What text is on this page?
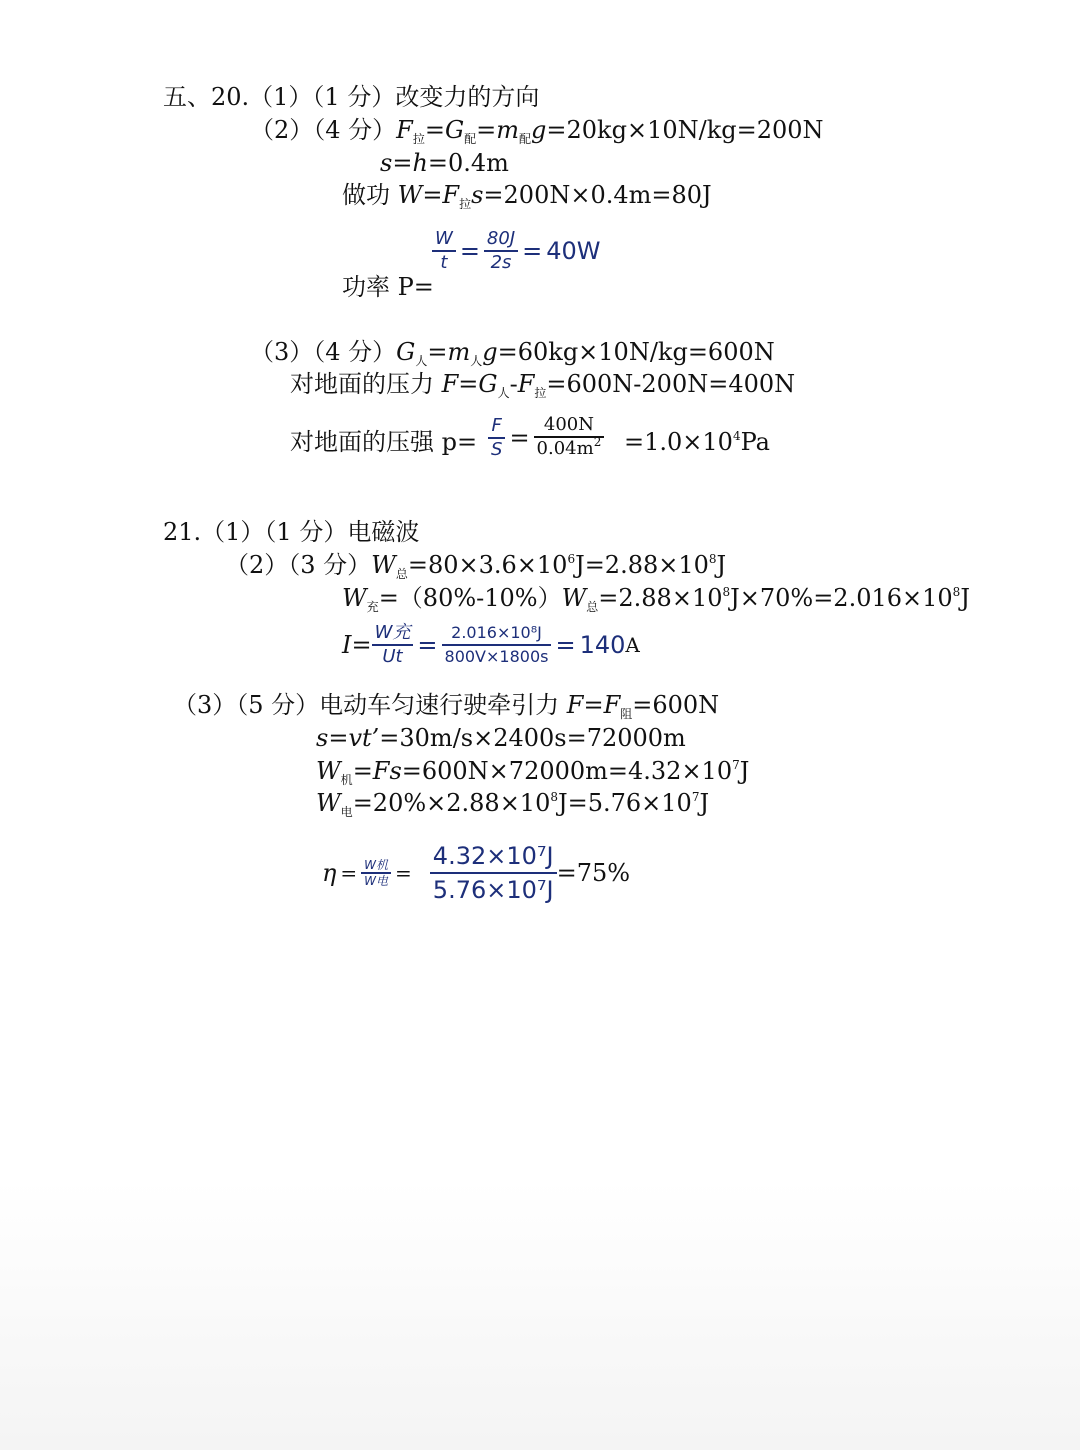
五、20.（1）（1 分）改变力的方向
（2）（4 分）$F_拉=G_配=m_配g=20kg\times 10N/kg=200N$
s=h=0.4m
做功 $W=F_拉s=200N\times 0.4m=80J$
功率 P=
$\frac{W}{t} = \frac{80J}{2s} = 40W$
（3）（4 分）$G_人=m_人g=60kg\times 10N/kg=600N$
对地面的压力 $F=G_人-F_拉=600N-200N=400N$
对地面的压强 $p= \frac{F}{S} = \frac{400N}{0.04m^2} =1.0\times 10^4Pa$
21.（1）（1 分）电磁波
（2）（3 分）$W_总=80\times 3.6\times 10^6J=2.88\times 10^8J$
$W_充=(80\%-10\%)W_总=2.88\times 10^8J\times 70\%=2.016\times 10^8J$
$I= \frac{\text{W充}}{Ut} = \frac{\text{2.016×10⁸J}}{800V\times 1800s} = 140$ A
（3）（5 分）电动车匀速行驶牵引力 $F=F_阻=600N$
s=vt’=30m/s×2400s=72000m
$W_机=Fs=600N\times 72000m=4.32\times 10^7J$
$W_电=20\%\times 2.88\times 10^8J=5.76\times 10^7J$
$\eta = \frac{\text{W机}}{\text{W电}} = \frac{\text{4.32×10⁷J}}{\text{5.76×10⁷J}} =75\%$
